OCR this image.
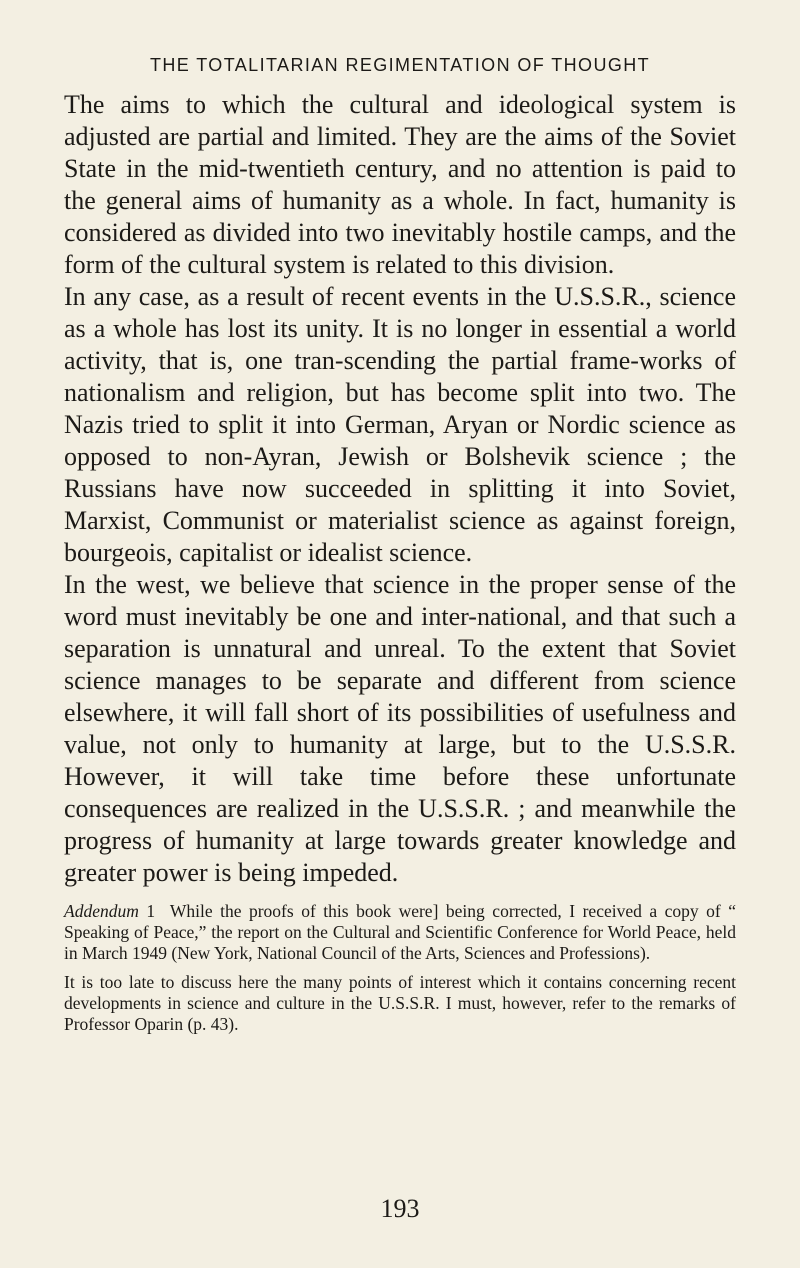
THE TOTALITARIAN REGIMENTATION OF THOUGHT

The aims to which the cultural and ideological system is adjusted are partial and limited. They are the aims of the Soviet State in the mid-twentieth century, and no attention is paid to the general aims of humanity as a whole. In fact, humanity is considered as divided into two inevitably hostile camps, and the form of the cultural system is related to this division.

In any case, as a result of recent events in the U.S.S.R., science as a whole has lost its unity. It is no longer in essential a world activity, that is, one tran-scending the partial frame-works of nationalism and religion, but has become split into two. The Nazis tried to split it into German, Aryan or Nordic science as opposed to non-Ayran, Jewish or Bolshevik science ; the Russians have now succeeded in splitting it into Soviet, Marxist, Communist or materialist science as against foreign, bourgeois, capitalist or idealist science.

In the west, we believe that science in the proper sense of the word must inevitably be one and inter-national, and that such a separation is unnatural and unreal. To the extent that Soviet science manages to be separate and different from science elsewhere, it will fall short of its possibilities of usefulness and value, not only to humanity at large, but to the U.S.S.R. However, it will take time before these unfortunate consequences are realized in the U.S.S.R. ; and meanwhile the progress of humanity at large towards greater knowledge and greater power is being impeded.

Addendum 1 While the proofs of this book were] being corrected, I received a copy of “ Speaking of Peace,” the report on the Cultural and Scientific Conference for World Peace, held in March 1949 (New York, National Council of the Arts, Sciences and Professions).

It is too late to discuss here the many points of interest which it contains concerning recent developments in science and culture in the U.S.S.R. I must, however, refer to the remarks of Professor Oparin (p. 43).

193
